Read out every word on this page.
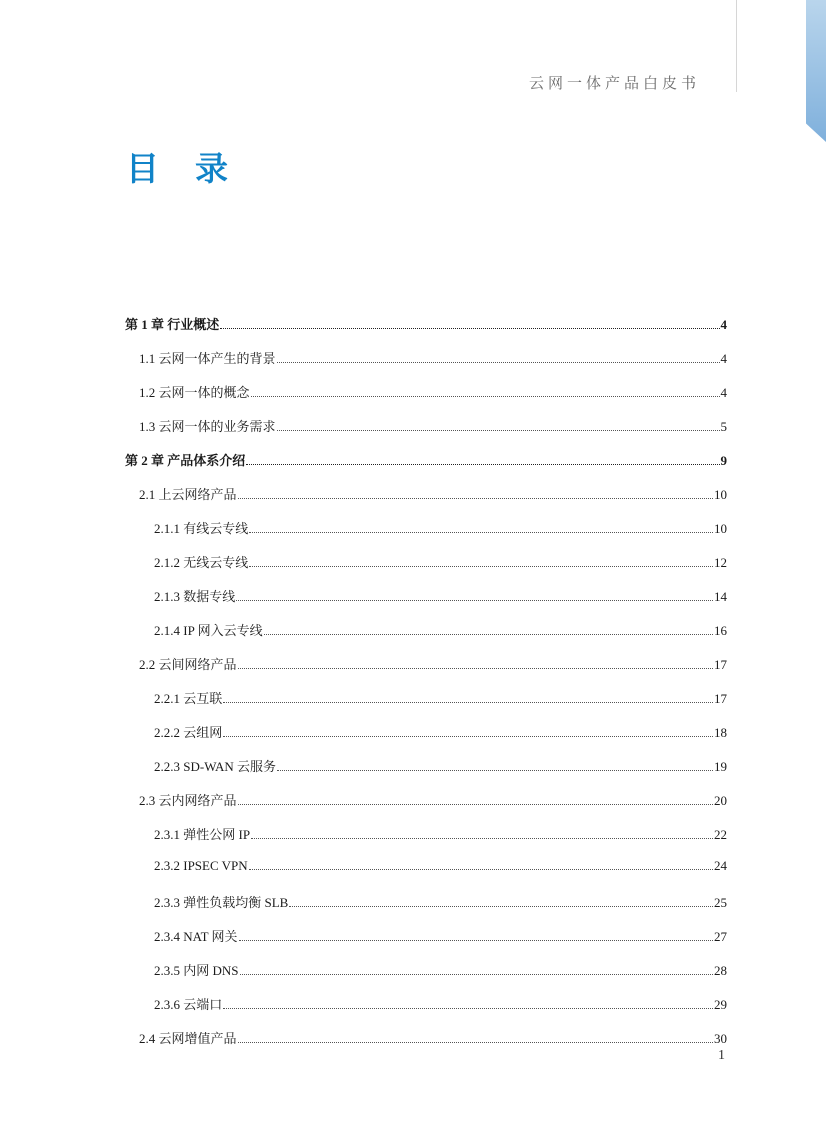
云网一体产品白皮书
目 录
第 1 章 行业概述	4
1.1 云网一体产生的背景	4
1.2 云网一体的概念	4
1.3 云网一体的业务需求	5
第 2 章 产品体系介绍	9
2.1 上云网络产品	10
2.1.1 有线云专线	10
2.1.2 无线云专线	12
2.1.3 数据专线	14
2.1.4 IP 网入云专线	16
2.2 云间网络产品	17
2.2.1 云互联	17
2.2.2 云组网	18
2.2.3 SD-WAN 云服务	19
2.3 云内网络产品	20
2.3.1 弹性公网 IP	22
2.3.2 IPSEC VPN	24
2.3.3 弹性负载均衡 SLB	25
2.3.4 NAT 网关	27
2.3.5 内网 DNS	28
2.3.6 云端口	29
2.4 云网增值产品	30
1
